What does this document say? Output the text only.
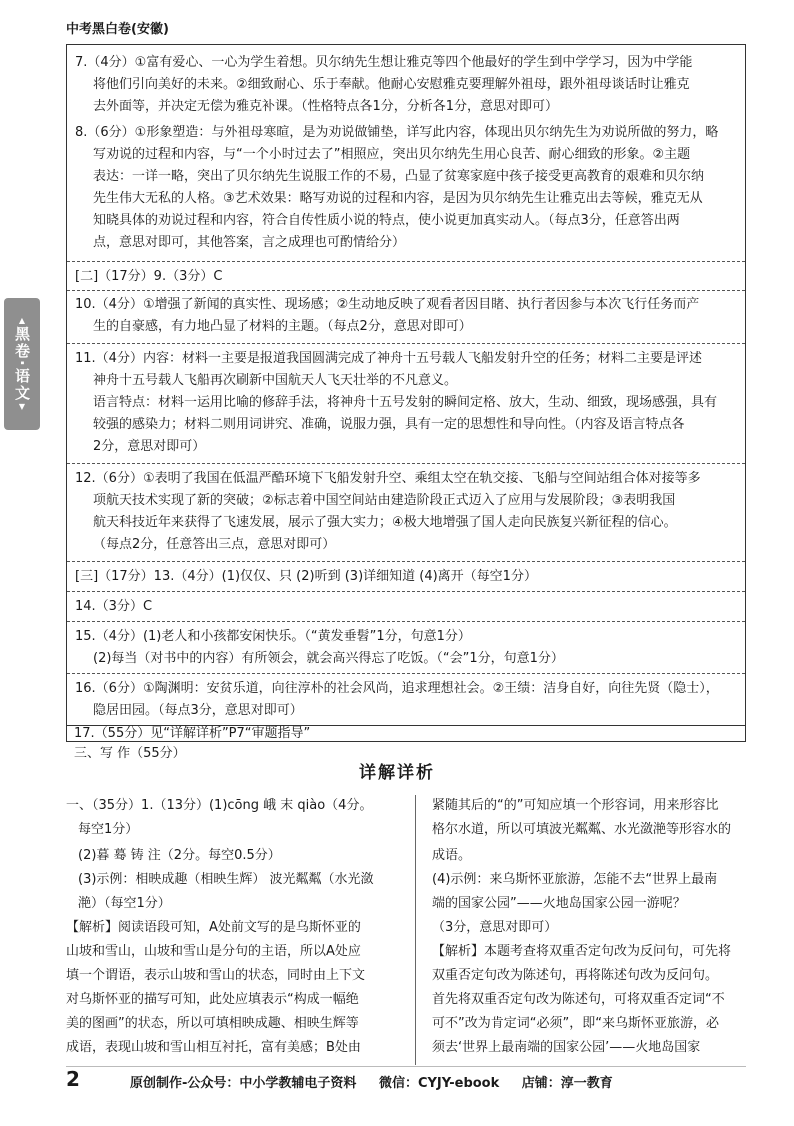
中考黑白卷(安徽)
▲
黑卷·语文
▼
7.（4分）①富有爱心、一心为学生着想。贝尔纳先生想让雅克等四个他最好的学生到中学学习，因为中学能
将他们引向美好的未来。②细致耐心、乐于奉献。他耐心安慰雅克要理解外祖母，跟外祖母谈话时让雅克
去外面等，并决定无偿为雅克补课。（性格特点各1分，分析各1分，意思对即可）
8.（6分）①形象塑造：与外祖母寒暄，是为劝说做铺垫，详写此内容，体现出贝尔纳先生为劝说所做的努力，略
写劝说的过程和内容，与“一个小时过去了”相照应，突出贝尔纳先生用心良苦、耐心细致的形象。②主题
表达：一详一略，突出了贝尔纳先生说服工作的不易，凸显了贫寒家庭中孩子接受更高教育的艰难和贝尔纳
先生伟大无私的人格。③艺术效果：略写劝说的过程和内容，是因为贝尔纳先生让雅克出去等候，雅克无从
知晓具体的劝说过程和内容，符合自传性质小说的特点，使小说更加真实动人。（每点3分，任意答出两
点，意思对即可，其他答案，言之成理也可酌情给分）
[二]（17分）9.（3分）C
10.（4分）①增强了新闻的真实性、现场感；②生动地反映了观看者因目睹、执行者因参与本次飞行任务而产
生的自豪感，有力地凸显了材料的主题。（每点2分，意思对即可）
11.（4分）内容：材料一主要是报道我国圆满完成了神舟十五号载人飞船发射升空的任务；材料二主要是评述
神舟十五号载人飞船再次刷新中国航天人飞天壮举的不凡意义。
语言特点：材料一运用比喻的修辞手法，将神舟十五号发射的瞬间定格、放大，生动、细致，现场感强，具有
较强的感染力；材料二则用词讲究、准确，说服力强，具有一定的思想性和导向性。（内容及语言特点各
2分，意思对即可）
12.（6分）①表明了我国在低温严酷环境下飞船发射升空、乘组太空在轨交接、飞船与空间站组合体对接等多
项航天技术实现了新的突破；②标志着中国空间站由建造阶段正式迈入了应用与发展阶段；③表明我国
航天科技近年来获得了飞速发展，展示了强大实力；④极大地增强了国人走向民族复兴新征程的信心。
（每点2分，任意答出三点，意思对即可）
[三]（17分）13.（4分）(1)仅仅、只 (2)听到 (3)详细知道 (4)离开（每空1分）
14.（3分）C
15.（4分）(1)老人和小孩都安闲快乐。（“黄发垂髫”1分，句意1分）
(2)每当（对书中的内容）有所领会，就会高兴得忘了吃饭。（“会”1分，句意1分）
16.（6分）①陶渊明：安贫乐道，向往淳朴的社会风尚，追求理想社会。②王绩：洁身自好，向往先贤（隐士），
隐居田园。（每点3分，意思对即可）
三、写 作（55分）
详解详析
17.（55分）见“详解详析”P7“审题指导”
一、（35分）1.（13分）(1)cōng 峨 末 qiào（4分。
每空1分）
(2)暮 蓦 铸 注（2分。每空0.5分）
(3)示例：相映成趣（相映生辉） 波光粼粼（水光潋
滟）（每空1分）
【解析】阅读语段可知，A处前文写的是乌斯怀亚的
山坡和雪山，山坡和雪山是分句的主语，所以A处应
填一个谓语，表示山坡和雪山的状态，同时由上下文
对乌斯怀亚的描写可知，此处应填表示“构成一幅绝
美的图画”的状态，所以可填相映成趣、相映生辉等
成语，表现山坡和雪山相互衬托，富有美感；B处由
紧随其后的“的”可知应填一个形容词，用来形容比
格尔水道，所以可填波光粼粼、水光潋滟等形容水的
成语。
(4)示例：来乌斯怀亚旅游，怎能不去“世界上最南
端的国家公园”——火地岛国家公园一游呢？
（3分，意思对即可）
【解析】本题考查将双重否定句改为反问句，可先将
双重否定句改为陈述句，再将陈述句改为反问句。
首先将双重否定句改为陈述句，可将双重否定词“不
可不”改为肯定词“必须”，即“来乌斯怀亚旅游，必
须去‘世界上最南端的国家公园’——火地岛国家
2	原创制作-公众号：中小学教辅电子资料 微信：CYJY-ebook 店铺：淳一教育
